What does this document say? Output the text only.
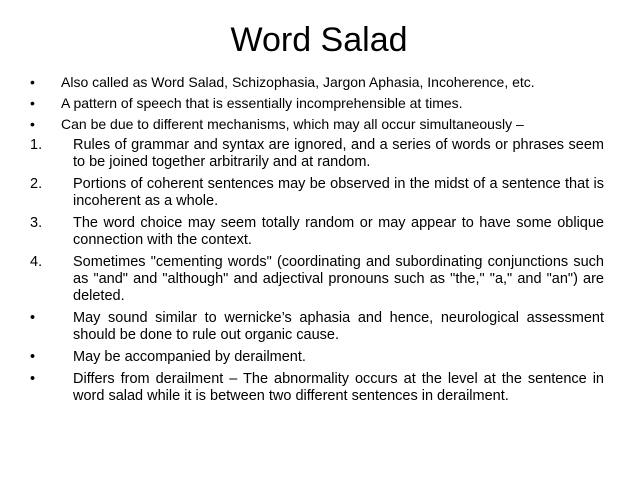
Word Salad
•	Also called as Word Salad, Schizophasia, Jargon Aphasia, Incoherence, etc.
•	A pattern of speech that is essentially incomprehensible at times.
•	Can be due to different mechanisms, which may all occur simultaneously –
1.	Rules of grammar and syntax are ignored, and a series of words or phrases seem to be joined together arbitrarily and at random.
2.	Portions of coherent sentences may be observed in the midst of a sentence that is incoherent as a whole.
3.	The word choice may seem totally random or may appear to have some oblique connection with the context.
4.	Sometimes "cementing words" (coordinating and subordinating conjunctions such as "and" and "although" and adjectival pronouns such as "the," "a," and "an") are deleted.
•	May sound similar to wernicke’s aphasia and hence, neurological assessment should be done to rule out organic cause.
•	May be accompanied by derailment.
•	Differs from derailment – The abnormality occurs at the level at the sentence in word salad while it is between two different sentences in derailment.
